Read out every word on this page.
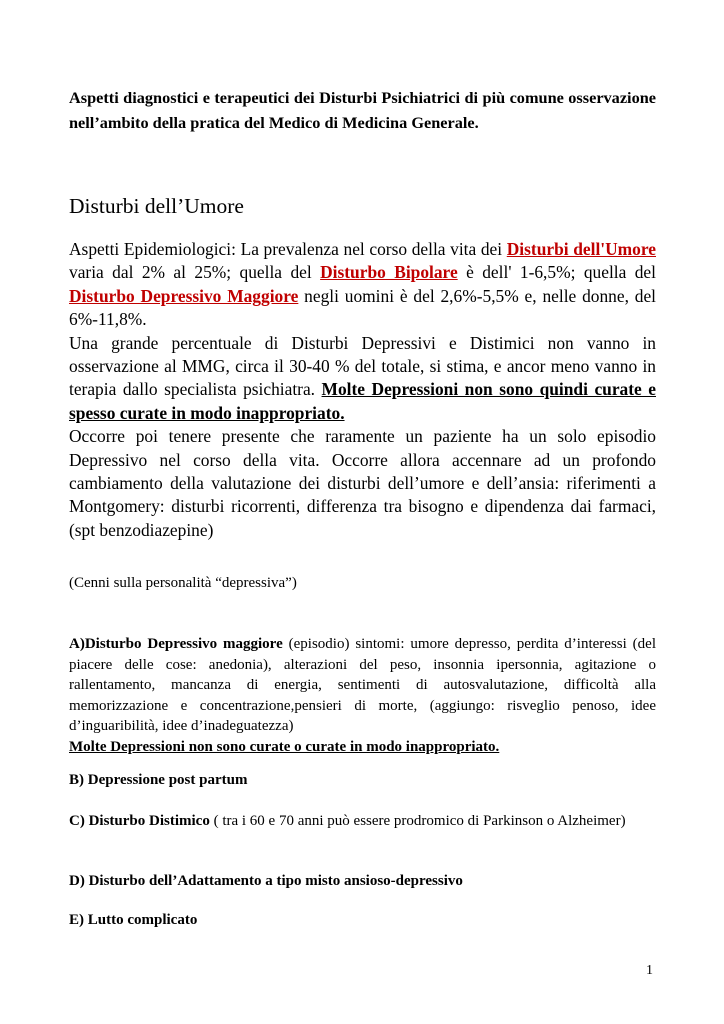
Aspetti diagnostici e terapeutici dei Disturbi Psichiatrici di più comune osservazione nell’ambito della pratica del Medico di Medicina Generale.
Disturbi dell’Umore

Aspetti Epidemiologici: La prevalenza nel corso della vita dei Disturbi dell'Umore varia dal 2% al 25%; quella del Disturbo Bipolare è dell' 1-6,5%; quella del Disturbo Depressivo Maggiore negli uomini è del 2,6%-5,5% e, nelle donne, del 6%-11,8%.

Una grande percentuale di Disturbi Depressivi e Distimici non vanno in osservazione al MMG, circa il 30-40 % del totale, si stima, e ancor meno vanno in terapia dallo specialista psichiatra. Molte Depressioni non sono quindi curate e spesso curate in modo inappropriato.

Occorre poi tenere presente che raramente un paziente ha un solo episodio Depressivo nel corso della vita. Occorre allora accennare ad un profondo cambiamento della valutazione dei disturbi dell’umore e dell’ansia: riferimenti a Montgomery: disturbi ricorrenti, differenza tra bisogno e dipendenza dai farmaci, (spt benzodiazepine)

(Cenni sulla personalità “depressiva”)

A)Disturbo Depressivo maggiore (episodio) sintomi: umore depresso, perdita d’interessi (del piacere delle cose: anedonia), alterazioni del peso, insonnia ipersonnia, agitazione o rallentamento, mancanza di energia, sentimenti di autosvalutazione, difficoltà alla memorizzazione e concentrazione,pensieri di morte, (aggiungo: risveglio penoso, idee d’inguaribilità, idee d’inadeguatezza)

Molte Depressioni non sono curate o curate in modo inappropriato.

B) Depressione post partum

C) Disturbo Distimico ( tra i 60 e 70 anni può essere prodromico di Parkinson o Alzheimer)

D) Disturbo dell’Adattamento a tipo misto ansioso-depressivo
E) Lutto complicato
1
